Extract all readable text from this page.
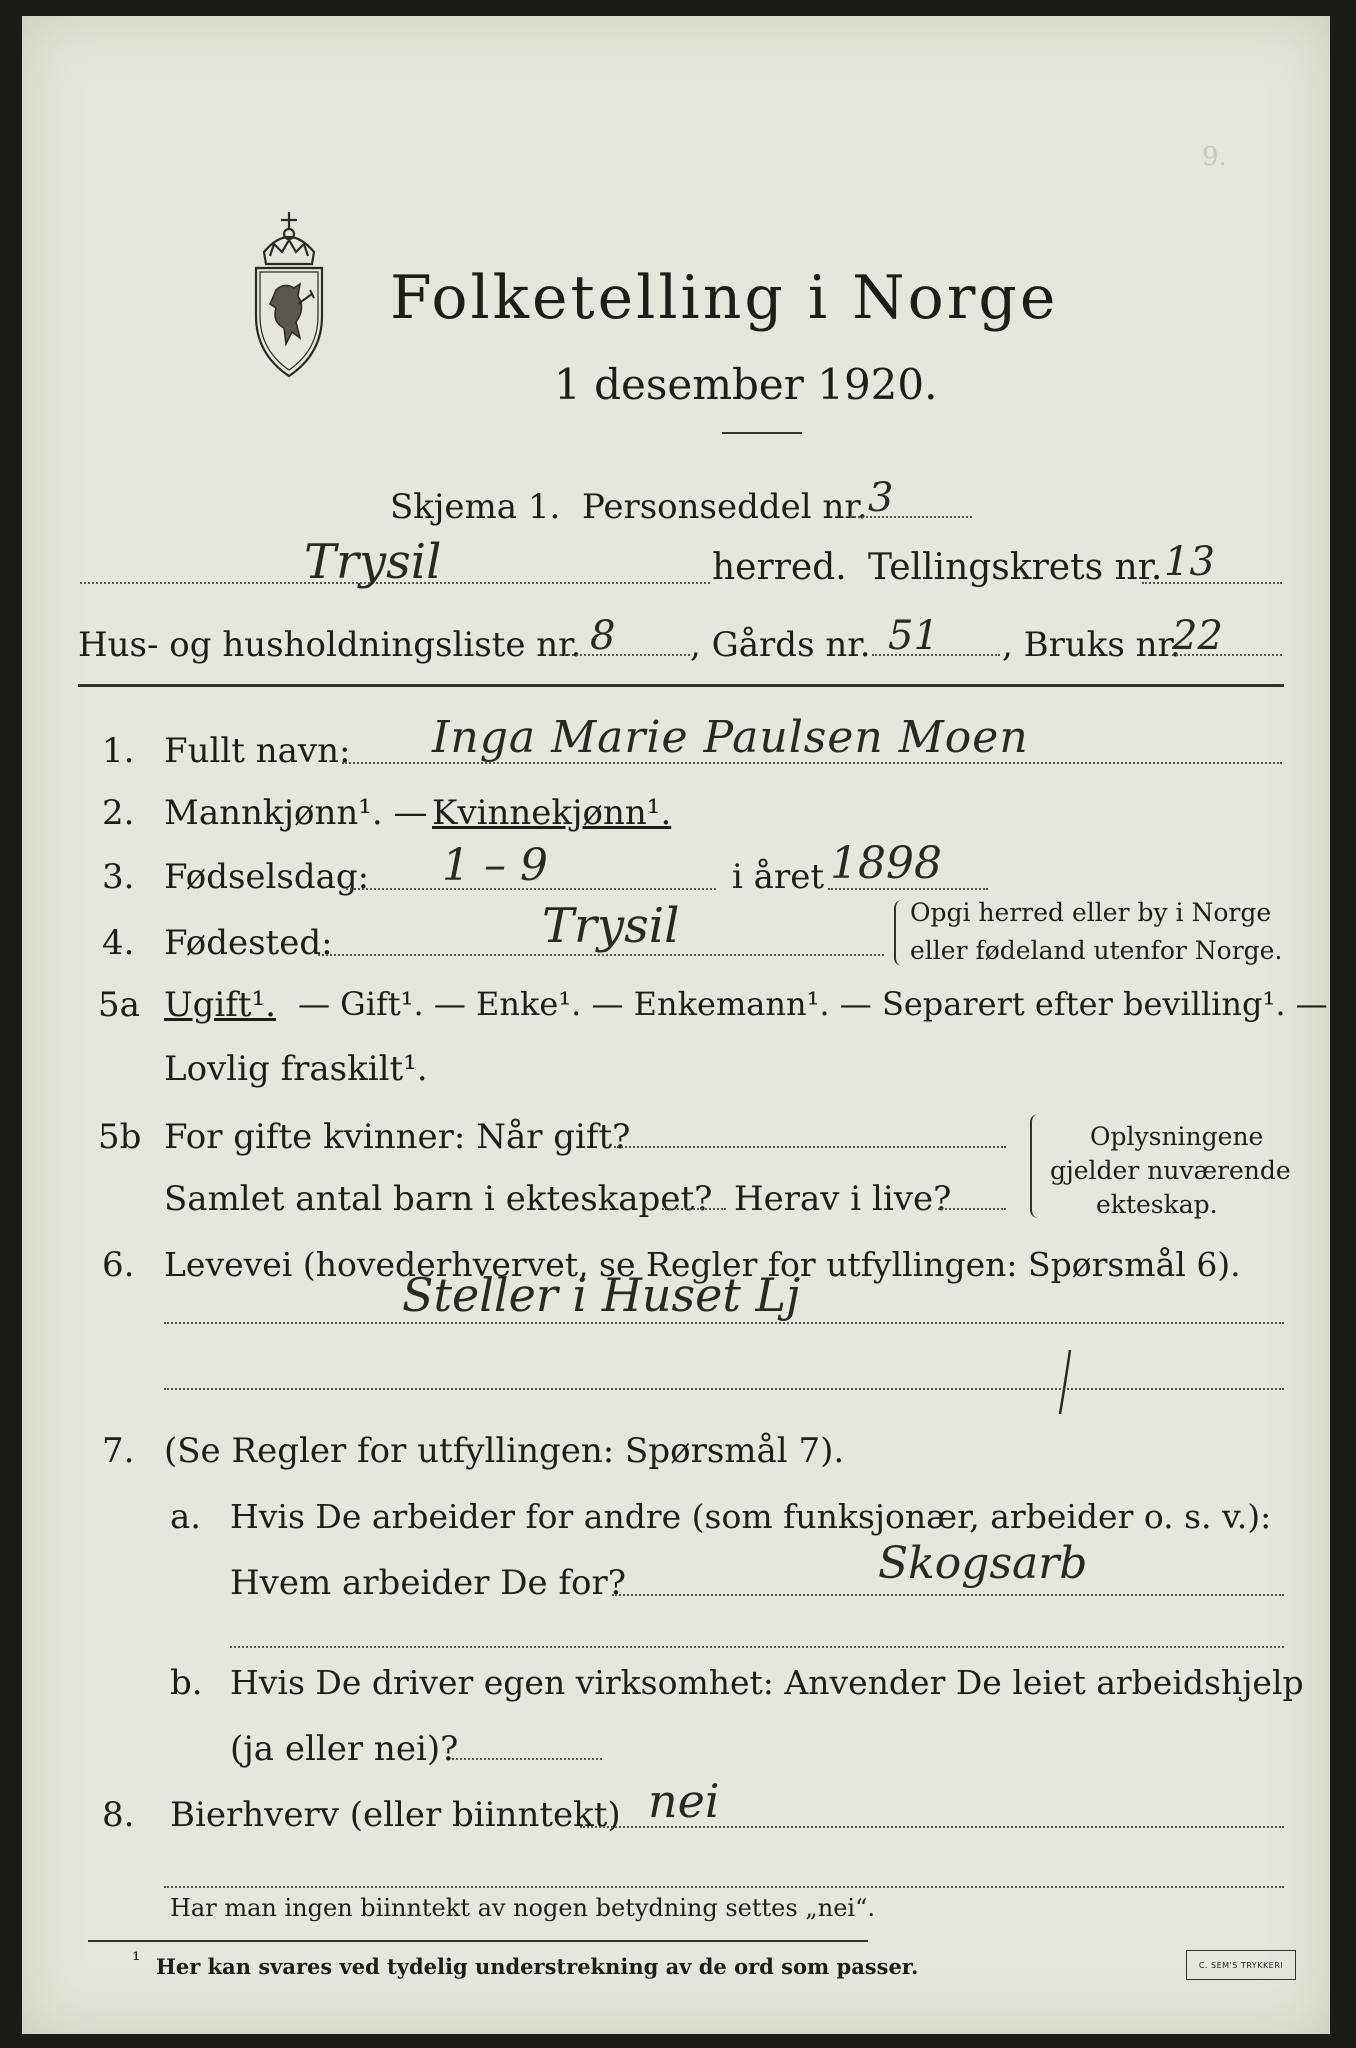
9.
Folketelling i Norge
1 desember 1920.
Skjema 1. Personseddel nr. 3
Trysil	herred. Tellingskrets nr. 13
Hus- og husholdningsliste nr. 8 , Gårds nr. 51 , Bruks nr.
22
1. Fullt navn: Inga Marie Paulsen Moen
2. Mannkjønn¹. — Kvinnekjønn¹.
3. Fødselsdag: 1 – 9	i året 1898
4. Fødested:	Trysil	Opgi herred eller by i Norge
eller fødeland utenfor Norge.
5a Ugift¹. — Gift¹. — Enke¹. — Enkemann¹. — Separert efter bevilling¹. —
Lovlig fraskilt¹.
5b For gifte kvinner: Når gift?
Samlet antal barn i ekteskapet? Herav i live?
Oplysningene
gjelder nuværende
ekteskap.
6. Levevei (hovederhvervet, se Regler for utfyllingen: Spørsmål 6).
Steller i Huset Lj
7. (Se Regler for utfyllingen: Spørsmål 7).
a. Hvis De arbeider for andre (som funksjonær, arbeider o. s. v.):
Hvem arbeider De for?	Skogsarb
b. Hvis De driver egen virksomhet: Anvender De leiet arbeidshjelp
(ja eller nei)?
8. Bierhverv (eller biinntekt) nei
Har man ingen biinntekt av nogen betydning settes „nei“.
¹ Her kan svares ved tydelig understrekning av de ord som passer.	C. SEM'S TRYKKERI
